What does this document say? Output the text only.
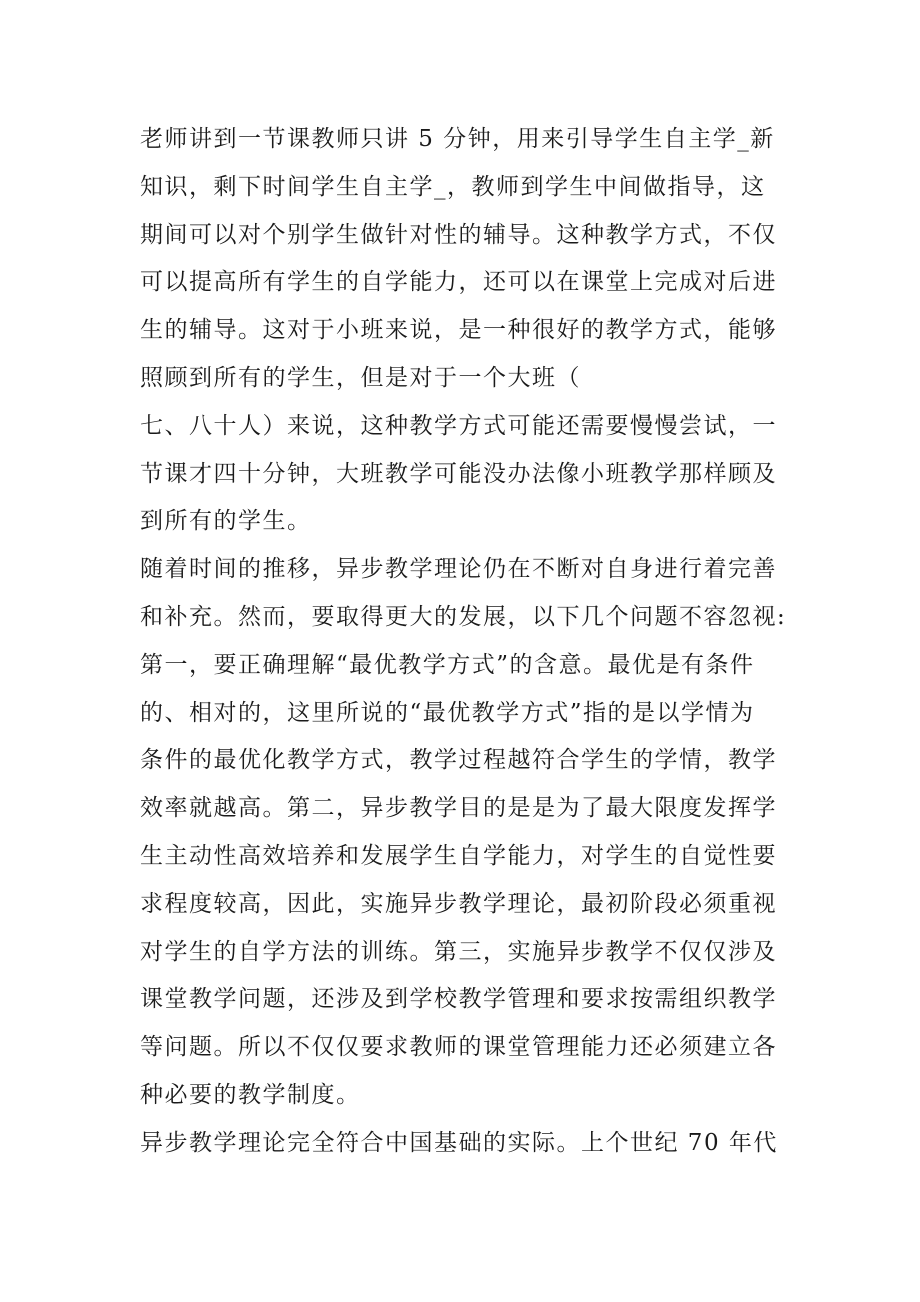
老师讲到一节课教师只讲 5 分钟，用来引导学生自主学_新
知识，剩下时间学生自主学_，教师到学生中间做指导，这
期间可以对个别学生做针对性的辅导。这种教学方式，不仅
可以提高所有学生的自学能力，还可以在课堂上完成对后进
生的辅导。这对于小班来说，是一种很好的教学方式，能够
照顾到所有的学生，但是对于一个大班（
七、八十人）来说，这种教学方式可能还需要慢慢尝试，一
节课才四十分钟，大班教学可能没办法像小班教学那样顾及
到所有的学生。
随着时间的推移，异步教学理论仍在不断对自身进行着完善
和补充。然而，要取得更大的发展，以下几个问题不容忽视:
第一，要正确理解“最优教学方式”的含意。最优是有条件
的、相对的，这里所说的“最优教学方式”指的是以学情为
条件的最优化教学方式，教学过程越符合学生的学情，教学
效率就越高。第二，异步教学目的是是为了最大限度发挥学
生主动性高效培养和发展学生自学能力，对学生的自觉性要
求程度较高，因此，实施异步教学理论，最初阶段必须重视
对学生的自学方法的训练。第三，实施异步教学不仅仅涉及
课堂教学问题，还涉及到学校教学管理和要求按需组织教学
等问题。所以不仅仅要求教师的课堂管理能力还必须建立各
种必要的教学制度。
异步教学理论完全符合中国基础的实际。上个世纪 70 年代
